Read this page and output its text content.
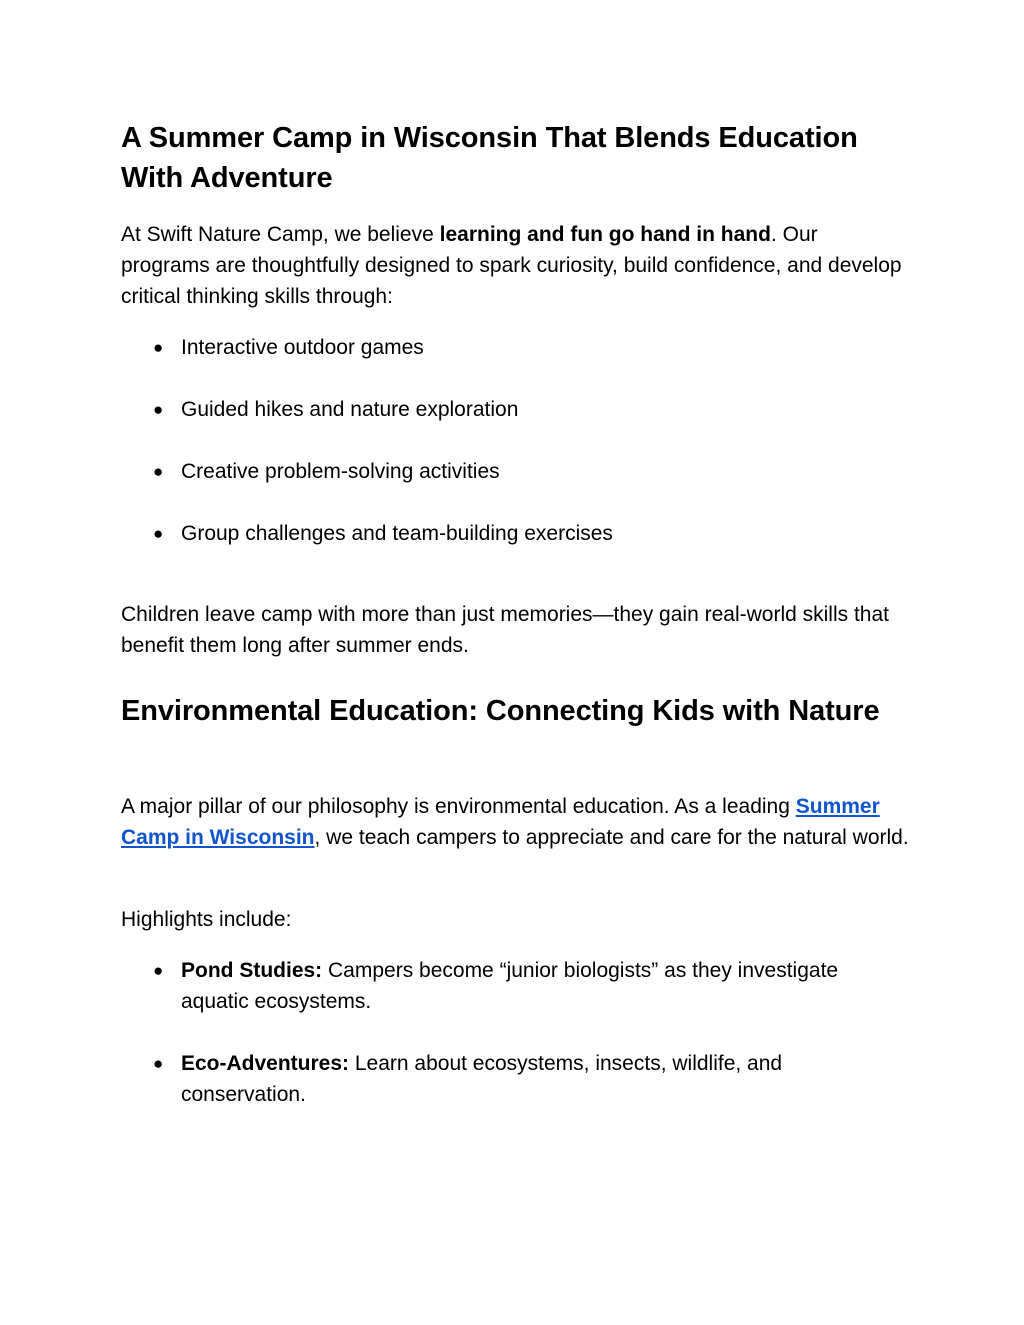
A Summer Camp in Wisconsin That Blends Education With Adventure

At Swift Nature Camp, we believe learning and fun go hand in hand. Our programs are thoughtfully designed to spark curiosity, build confidence, and develop critical thinking skills through:

● Interactive outdoor games
● Guided hikes and nature exploration
● Creative problem-solving activities
● Group challenges and team-building exercises

Children leave camp with more than just memories—they gain real-world skills that benefit them long after summer ends.

Environmental Education: Connecting Kids with Nature

A major pillar of our philosophy is environmental education. As a leading Summer Camp in Wisconsin, we teach campers to appreciate and care for the natural world.

Highlights include:

● Pond Studies: Campers become “junior biologists” as they investigate aquatic ecosystems.
● Eco-Adventures: Learn about ecosystems, insects, wildlife, and conservation.
